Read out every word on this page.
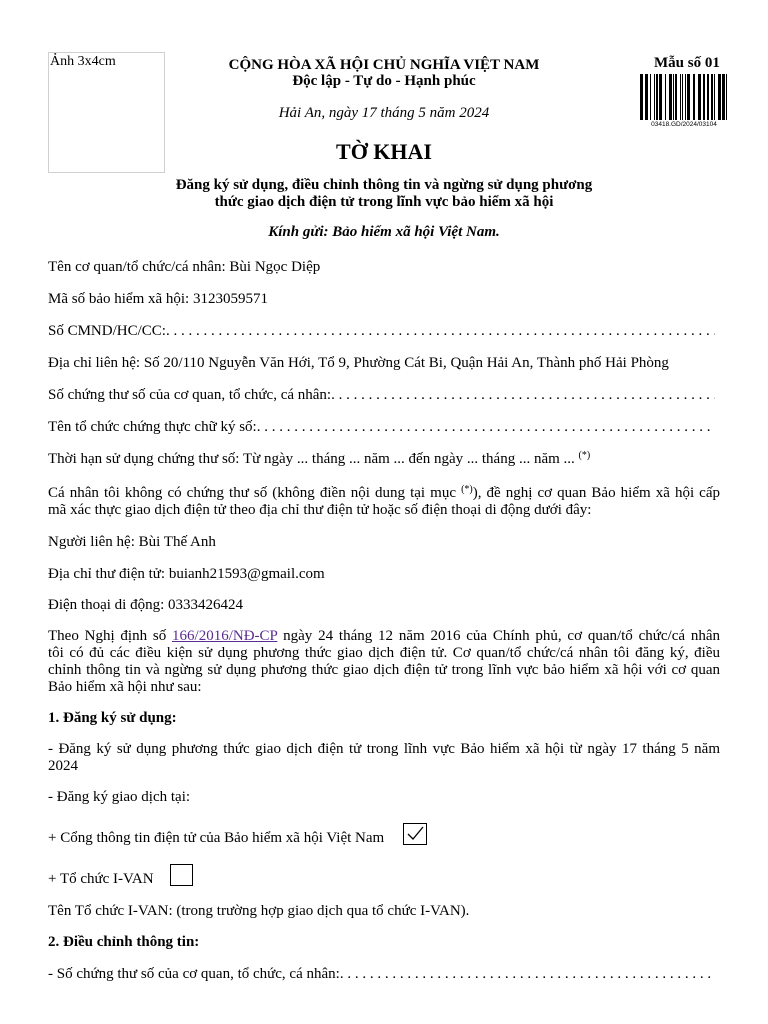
Ảnh 3x4cm	CỘNG HÒA XÃ HỘI CHỦ NGHĨA VIỆT NAM
Độc lập - Tự do - Hạnh phúc
Hải An, ngày 17 tháng 5 năm 2024
Mẫu số 01
03418.GD/2024/03104
TỜ KHAI
Đăng ký sử dụng, điều chỉnh thông tin và ngừng sử dụng phương
thức giao dịch điện tử trong lĩnh vực bảo hiểm xã hội
Kính gửi: Bảo hiểm xã hội Việt Nam.
Tên cơ quan/tổ chức/cá nhân: Bùi Ngọc Diệp
Mã số bảo hiểm xã hội: 3123059571
Số CMND/HC/CC:
. . .
Địa chỉ liên hệ: Số 20/110 Nguyễn Văn Hới, Tổ 9, Phường Cát Bi, Quận Hải An, Thành phố Hải Phòng
Số chứng thư số của cơ quan, tổ chức, cá nhân:
. . .
Tên tổ chức chứng thực chữ ký số:
. . .
Thời hạn sử dụng chứng thư số: Từ ngày ... tháng ... năm ... đến ngày ... tháng ... năm ... (*)
Cá nhân tôi không có chứng thư số (không điền nội dung tại mục (*)), đề nghị cơ quan Bảo hiểm xã hội cấp
mã xác thực giao dịch điện tử theo địa chỉ thư điện tử hoặc số điện thoại di động dưới đây:
Người liên hệ: Bùi Thế Anh
Địa chỉ thư điện tử: buianh21593@gmail.com
Điện thoại di động: 0333426424
Theo Nghị định số 166/2016/NĐ-CP ngày 24 tháng 12 năm 2016 của Chính phủ, cơ quan/tổ chức/cá nhân
tôi có đủ các điều kiện sử dụng phương thức giao dịch điện tử. Cơ quan/tổ chức/cá nhân tôi đăng ký, điều
chỉnh thông tin và ngừng sử dụng phương thức giao dịch điện tử trong lĩnh vực bảo hiểm xã hội với cơ quan
Bảo hiểm xã hội như sau:
1. Đăng ký sử dụng:
- Đăng ký sử dụng phương thức giao dịch điện tử trong lĩnh vực Bảo hiểm xã hội từ ngày 17 tháng 5 năm
2024
- Đăng ký giao dịch tại:
+ Cổng thông tin điện tử của Bảo hiểm xã hội Việt Nam
+ Tổ chức I-VAN
Tên Tổ chức I-VAN: (trong trường hợp giao dịch qua tổ chức I-VAN).
2. Điều chỉnh thông tin:
- Số chứng thư số của cơ quan, tổ chức, cá nhân:
. . .
